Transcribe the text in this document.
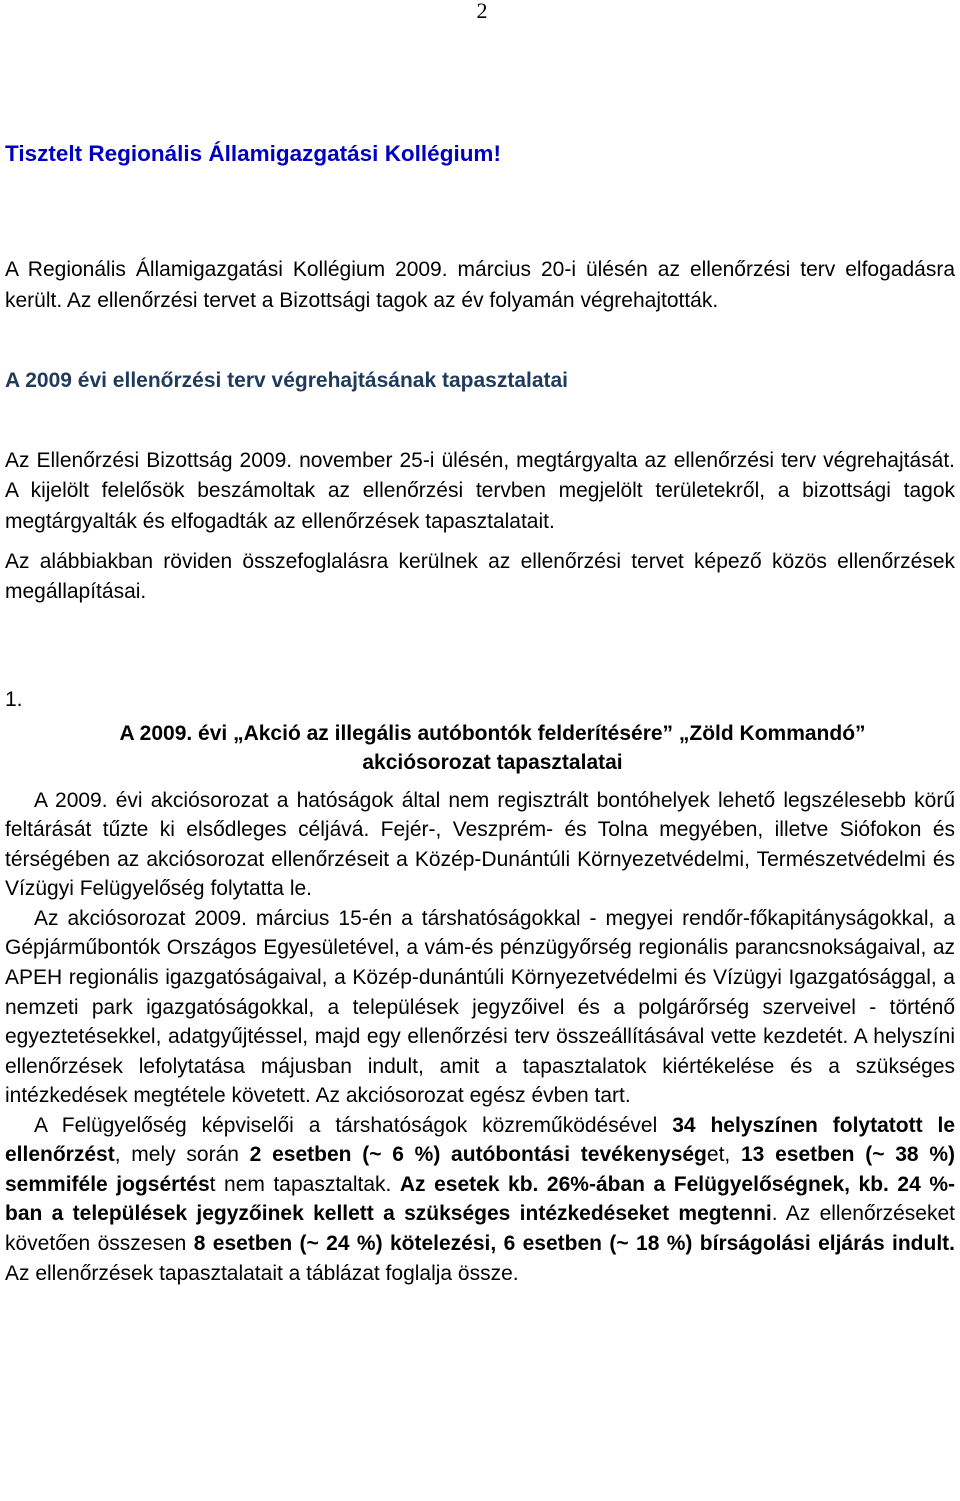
2

Tisztelt Regionális Államigazgatási Kollégium!

A Regionális Államigazgatási Kollégium 2009. március 20-i ülésén az ellenőrzési terv elfogadásra került. Az ellenőrzési tervet a Bizottsági tagok az év folyamán végrehajtották.

A 2009 évi ellenőrzési terv végrehajtásának tapasztalatai

Az Ellenőrzési Bizottság 2009. november 25-i ülésén, megtárgyalta az ellenőrzési terv végrehajtását. A kijelölt felelősök beszámoltak az ellenőrzési tervben megjelölt területekről, a bizottsági tagok megtárgyalták és elfogadták az ellenőrzések tapasztalatait.

Az alábbiakban röviden összefoglalásra kerülnek az ellenőrzési tervet képező közös ellenőrzések megállapításai.

1.

A 2009. évi „Akció az illegális autóbontók felderítésére” „Zöld Kommandó”
akciósorozat tapasztalatai

A 2009. évi akciósorozat a hatóságok által nem regisztrált bontóhelyek lehető legszélesebb körű feltárását tűzte ki elsődleges céljává. Fejér-, Veszprém- és Tolna megyében, illetve Siófokon és térségében az akciósorozat ellenőrzéseit a Közép-Dunántúli Környezetvédelmi, Természetvédelmi és Vízügyi Felügyelőség folytatta le.

Az akciósorozat 2009. március 15-én a társhatóságokkal - megyei rendőr-főkapitányságokkal, a Gépjárműbontók Országos Egyesületével, a vám-és pénzügyőrség regionális parancsnokságaival, az APEH regionális igazgatóságaival, a Közép-dunántúli Környezetvédelmi és Vízügyi Igazgatósággal, a nemzeti park igazgatóságokkal, a települések jegyzőivel és a polgárőrség szerveivel - történő egyeztetésekkel, adatgyűjtéssel, majd egy ellenőrzési terv összeállításával vette kezdetét. A helyszíni ellenőrzések lefolytatása májusban indult, amit a tapasztalatok kiértékelése és a szükséges intézkedések megtétele követett. Az akciósorozat egész évben tart.

A Felügyelőség képviselői a társhatóságok közreműködésével 34 helyszínen folytatott le ellenőrzést, mely során 2 esetben (~ 6 %) autóbontási tevékenységet, 13 esetben (~ 38 %) semmiféle jogsértést nem tapasztaltak. Az esetek kb. 26%-ában a Felügyelőségnek, kb. 24 %-ban a települések jegyzőinek kellett a szükséges intézkedéseket megtenni. Az ellenőrzéseket követően összesen 8 esetben (~ 24 %) kötelezési, 6 esetben (~ 18 %) bírságolási eljárás indult. Az ellenőrzések tapasztalatait a táblázat foglalja össze.
